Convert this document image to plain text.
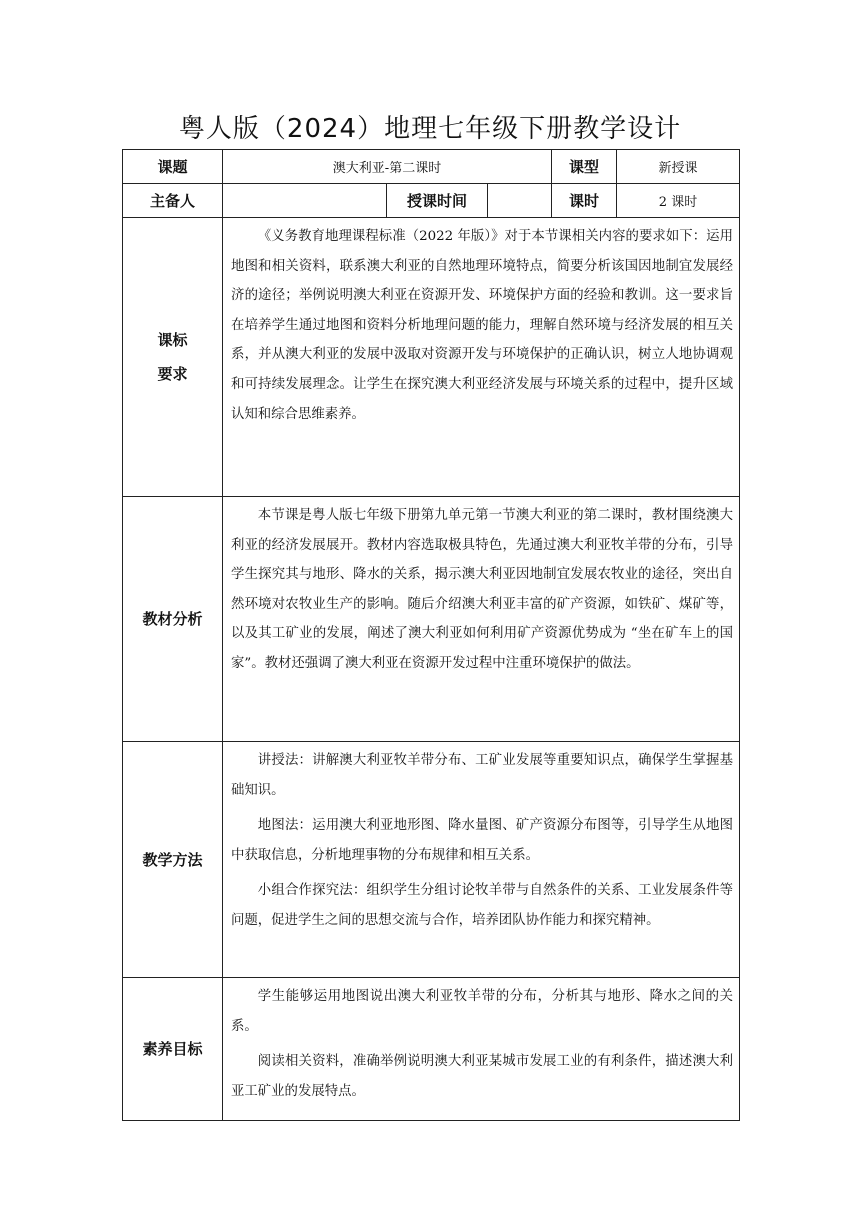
粤人版（2024）地理七年级下册教学设计
课题	澳大利亚-第二课时			课型	新授课
主备人		授课时间		课时	2 课时

课标
要求	《义务教育地理课程标准（2022 年版）》对于本节课相关内容的要求如下：运用地图和相关资料，联系澳大利亚的自然地理环境特点，简要分析该国因地制宜发展经济的途径；举例说明澳大利亚在资源开发、环境保护方面的经验和教训。这一要求旨在培养学生通过地图和资料分析地理问题的能力，理解自然环境与经济发展的相互关系，并从澳大利亚的发展中汲取对资源开发与环境保护的正确认识，树立人地协调观和可持续发展理念。让学生在探究澳大利亚经济发展与环境关系的过程中，提升区域认知和综合思维素养。				

教材分析	本节课是粤人版七年级下册第九单元第一节澳大利亚的第二课时，教材围绕澳大利亚的经济发展展开。教材内容选取极具特色，先通过澳大利亚牧羊带的分布，引导学生探究其与地形、降水的关系，揭示澳大利亚因地制宜发展农牧业的途径，突出自然环境对农牧业生产的影响。随后介绍澳大利亚丰富的矿产资源，如铁矿、煤矿等，以及其工矿业的发展，阐述了澳大利亚如何利用矿产资源优势成为 “坐在矿车上的国家”。教材还强调了澳大利亚在资源开发过程中注重环境保护的做法。				

教学方法	讲授法：讲解澳大利亚牧羊带分布、工矿业发展等重要知识点，确保学生掌握基础知识。

地图法：运用澳大利亚地形图、降水量图、矿产资源分布图等，引导学生从地图中获取信息，分析地理事物的分布规律和相互关系。

小组合作探究法：组织学生分组讨论牧羊带与自然条件的关系、工业发展条件等问题，促进学生之间的思想交流与合作，培养团队协作能力和探究精神。				

素养目标	学生能够运用地图说出澳大利亚牧羊带的分布，分析其与地形、降水之间的关系。

阅读相关资料，准确举例说明澳大利亚某城市发展工业的有利条件，描述澳大利亚工矿业的发展特点。				
